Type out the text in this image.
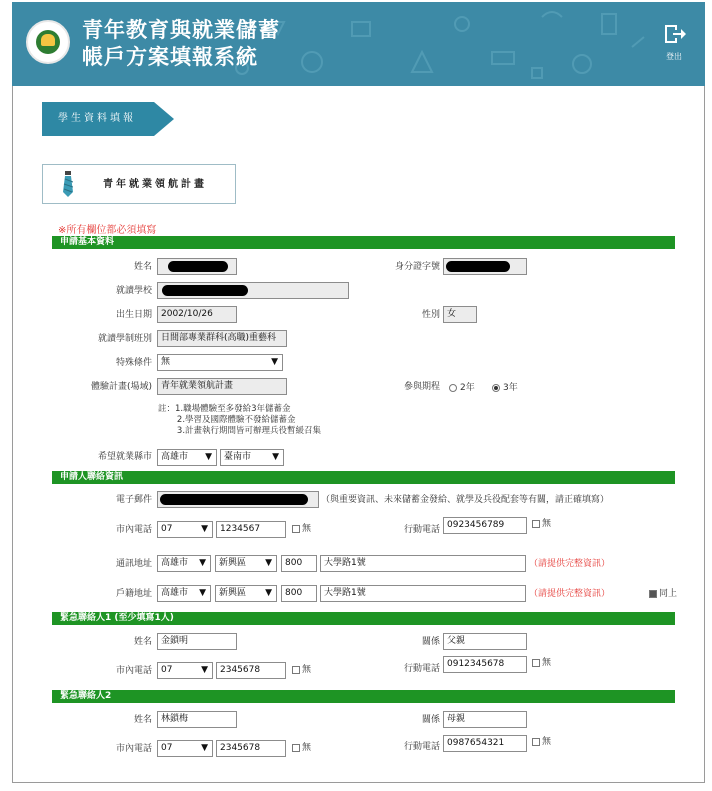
青年教育與就業儲蓄
帳戶方案填報系統	登出
學生資料填報
青年就業領航計畫
※所有欄位都必須填寫
申請基本資料
姓名	身分證字號
就讀學校
出生日期	2002/10/26	性別 女
就讀學制班別	日間部專業群科(高職)重藝科
特殊條件	無	▼
體驗計畫(場域)	青年就業領航計畫	參與期程 2年	3年
註：1.職場體驗至多發給3年儲蓄金
2.學習及國際體驗不發給儲蓄金
3.計畫執行期間皆可辦理兵役暫緩召集
希望就業縣市	高雄市 ▼	臺南市 ▼
申請人聯絡資訊
電子郵件	（與重要資訊、未來儲蓄金發給、就學及兵役配套等有關，請正確填寫）
市內電話	07	▼	1234567	無	行動電話 0923456789	無
通訊地址	高雄市 ▼	新興區 ▼	800	大學路1號	（請提供完整資訊）
戶籍地址	高雄市 ▼	新興區 ▼	800	大學路1號	（請提供完整資訊）	同上
緊急聯絡人1 (至少填寫1人)
姓名	金鎖明	關係 父親
市內電話	07	▼	2345678	無	行動電話 0912345678	無
緊急聯絡人2
姓名	林鎖梅	關係 母親
市內電話	07	▼	2345678	無	行動電話 0987654321	無
